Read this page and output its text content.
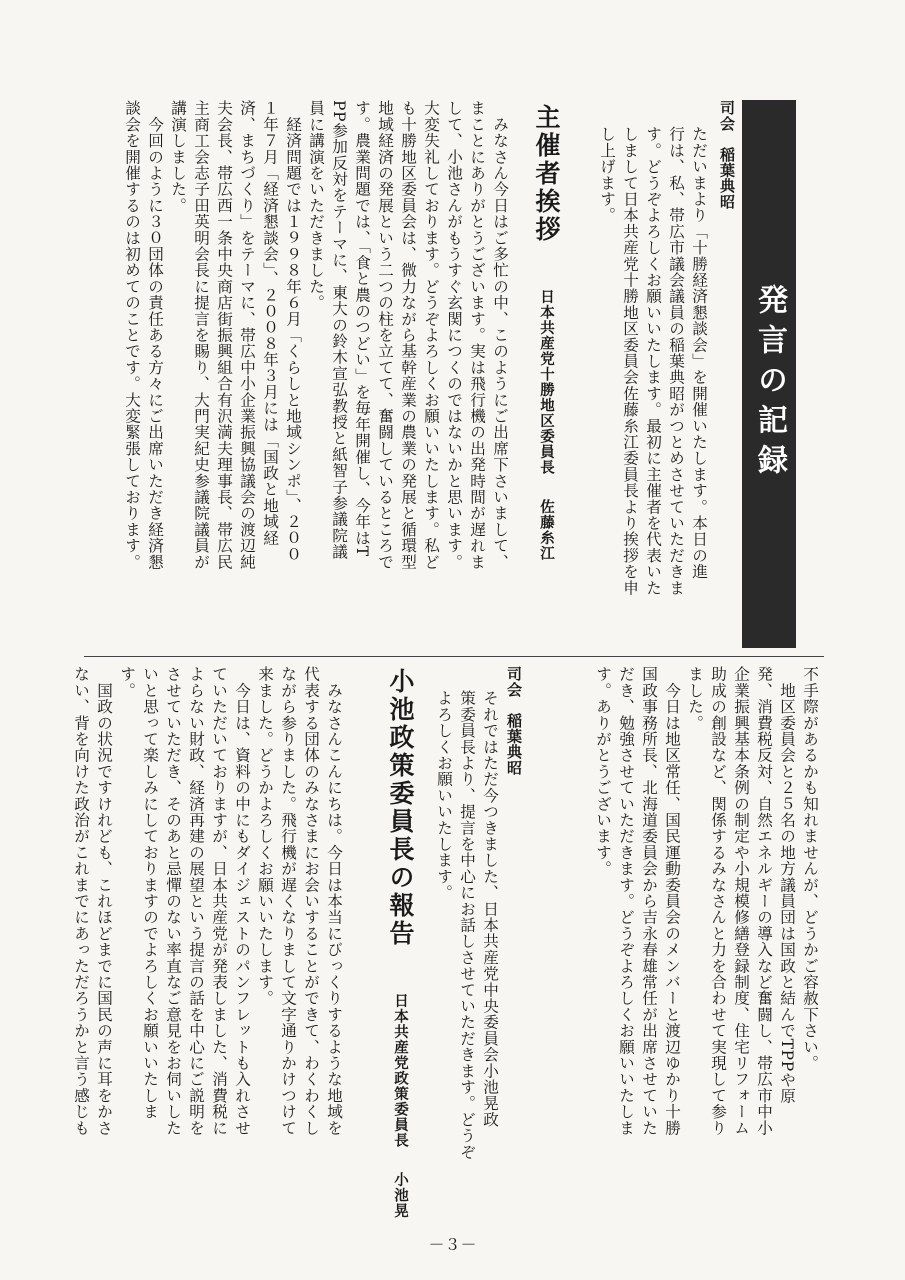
発言の記録
司会　稲葉典昭
ただいまより「十勝経済懇談会」を開催いたします。本日の進
行は、私、帯広市議会議員の稲葉典昭がつとめさせていただきま
す。どうぞよろしくお願いいたします。最初に主催者を代表いた
しまして日本共産党十勝地区委員会佐藤糸江委員長より挨拶を申
し上げます。
主催者挨拶 日本共産党十勝地区委員長 佐藤糸江
　みなさん今日はご多忙の中、このようにご出席下さいまして、
まことにありがとうございます。実は飛行機の出発時間が遅れま
して、小池さんがもうすぐ玄関につくのではないかと思います。
大変失礼しております。どうぞよろしくお願いいたします。私ど
も十勝地区委員会は、微力ながら基幹産業の農業の発展と循環型
地域経済の発展という二つの柱を立てて、奮闘しているところで
す。農業問題では、「食と農のつどい」を毎年開催し、今年はT
PP参加反対をテーマに、東大の鈴木宣弘教授と紙智子参議院議
員に講演をいただきました。
　経済問題では１９９８年６月「くらしと地域シンポ」、２００
１年７月「経済懇談会」、２００８年３月には「国政と地域経
済、まちづくり」をテーマに、帯広中小企業振興協議会の渡辺純
夫会長、帯広西一条中央商店街振興組合有沢満夫理事長、帯広民
主商工会志子田英明会長に提言を賜り、大門実紀史参議院議員が
講演しました。
　今回のように３０団体の責任ある方々にご出席いただき経済懇
談会を開催するのは初めてのことです。大変緊張しております。
不手際があるかも知れませんが、どうかご容赦下さい。
　地区委員会と２５名の地方議員団は国政と結んでTPPや原
発、消費税反対、自然エネルギーの導入など奮闘し、帯広市中小
企業振興基本条例の制定や小規模修繕登録制度、住宅リフォーム
助成の創設など、関係するみなさんと力を合わせて実現して参り
ました。
　今日は地区常任、国民運動委員会のメンバーと渡辺ゆかり十勝
国政事務所長、北海道委員会から吉永春雄常任が出席させていた
だき、勉強させていただきます。どうぞよろしくお願いいたしま
す。ありがとうございます。
司会　稲葉典昭
それではただ今つきました、日本共産党中央委員会小池晃政
策委員長より、提言を中心にお話しさせていただきます。どうぞ
よろしくお願いいたします。
小池政策委員長の報告 日本共産党政策委員長 小池晃
　みなさんこんにちは。今日は本当にびっくりするような地域を
代表する団体のみなさまにお会いすることができて、わくわくし
ながら参りました。飛行機が遅くなりまして文字通りかけつけて
来ました。どうかよろしくお願いいたします。
　今日は、資料の中にもダイジェストのパンフレットも入れさせ
ていただいておりますが、日本共産党が発表しました、消費税に
よらない財政、経済再建の展望という提言の話を中心にご説明を
させていただき、そのあと忌憚のない率直なご意見をお伺いした
いと思って楽しみにしておりますのでよろしくお願いいたしま
す。
　国政の状況ですけれども、これほどまでに国民の声に耳をかさ
ない、背を向けた政治がこれまでにあっただろうかと言う感じも
－３－
